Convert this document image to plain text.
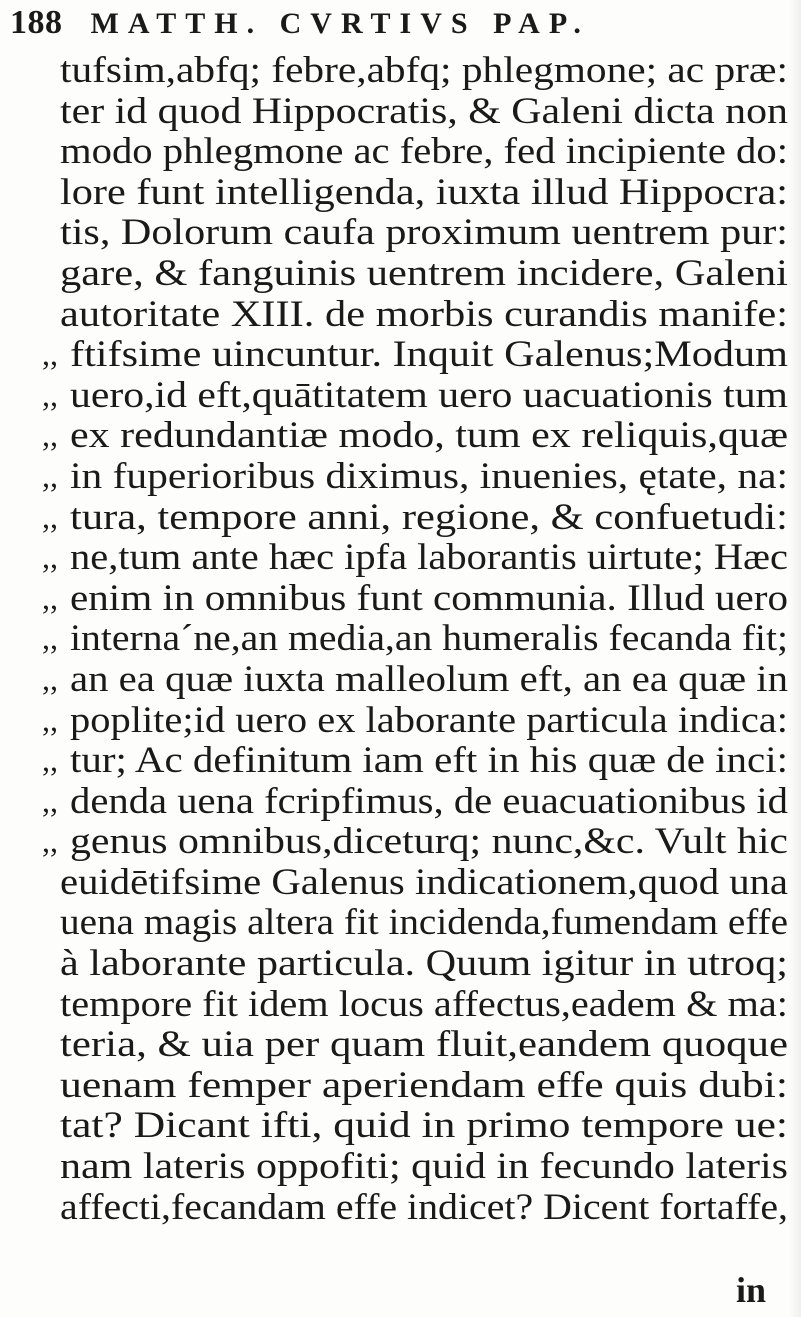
188 MATTH. CVRTIVS PAP.
tufsim,abfq; febre,abfq; phlegmone; ac præ:
ter id quod Hippocratis, & Galeni dicta non
modo phlegmone ac febre, fed incipiente do:
lore funt intelligenda, iuxta illud Hippocra:
tis, Dolorum caufa proximum uentrem pur:
gare, & fanguinis uentrem incidere, Galeni
autoritate XIII. de morbis curandis manife:
,, ftifsime uincuntur. Inquit Galenus;Modum
,, uero,id eft,quātitatem uero uacuationis tum
,, ex redundantiæ modo, tum ex reliquis,quæ
,, in fuperioribus diximus, inuenies, ętate, na:
,, tura, tempore anni, regione, & confuetudi:
,, ne,tum ante hæc ipfa laborantis uirtute; Hæc
,, enim in omnibus funt communia. Illud uero
,, interna´ne,an media,an humeralis fecanda fit;
,, an ea quæ iuxta malleolum eft, an ea quæ in
,, poplite;id uero ex laborante particula indica:
,, tur; Ac definitum iam eft in his quæ de inci:
,, denda uena fcripfimus, de euacuationibus id
,, genus omnibus,diceturq; nunc,&c. Vult hic
euidētifsime Galenus indicationem,quod una
uena magis altera fit incidenda,fumendam effe
à laborante particula. Quum igitur in utroq;
tempore fit idem locus affectus,eadem & ma:
teria, & uia per quam fluit,eandem quoque
uenam femper aperiendam effe quis dubi:
tat? Dicant ifti, quid in primo tempore ue:
nam lateris oppofiti; quid in fecundo lateris
affecti,fecandam effe indicet? Dicent fortaffe,
in
